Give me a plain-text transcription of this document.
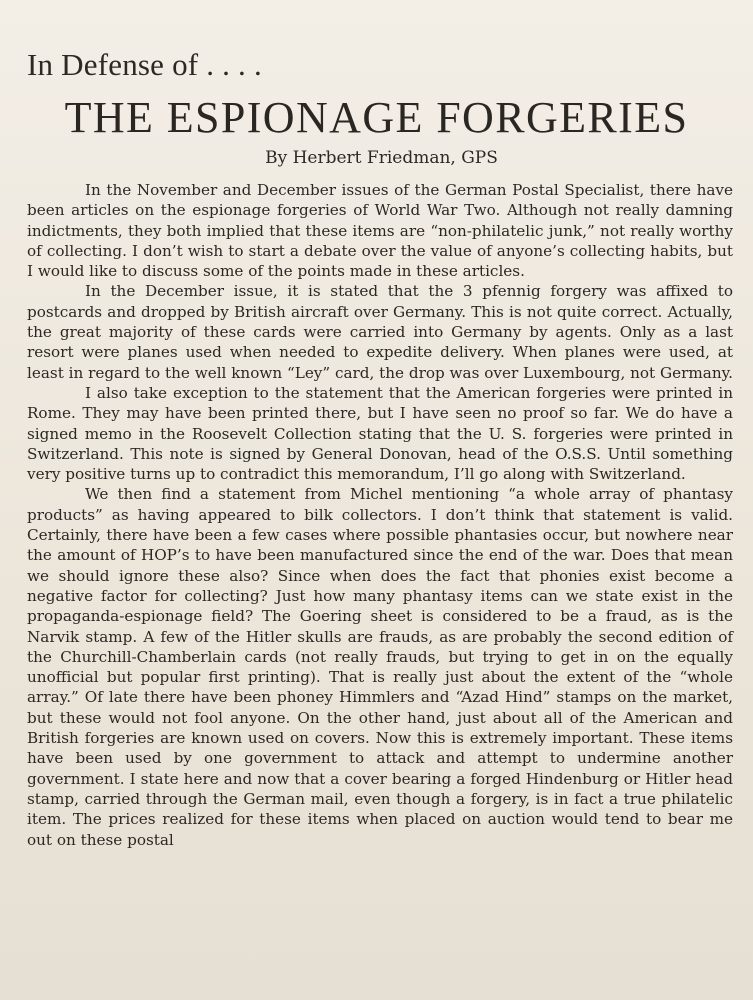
In Defense of . . . .
THE ESPIONAGE FORGERIES
By Herbert Friedman, GPS

In the November and December issues of the German Postal Specialist, there have been articles on the espionage forgeries of World War Two. Although not really damning indictments, they both implied that these items are “non-philatelic junk,” not really worthy of collecting. I don’t wish to start a debate over the value of anyone’s collecting habits, but I would like to discuss some of the points made in these articles.

In the December issue, it is stated that the 3 pfennig forgery was affixed to postcards and dropped by British aircraft over Germany. This is not quite correct. Actually, the great majority of these cards were carried into Germany by agents. Only as a last resort were planes used when needed to expedite delivery. When planes were used, at least in regard to the well known “Ley” card, the drop was over Luxembourg, not Germany.

I also take exception to the statement that the American forgeries were printed in Rome. They may have been printed there, but I have seen no proof so far. We do have a signed memo in the Roosevelt Collection stating that the U. S. forgeries were printed in Switzerland. This note is signed by General Donovan, head of the O.S.S. Until something very positive turns up to contradict this memorandum, I’ll go along with Switzerland.

We then find a statement from Michel mentioning “a whole array of phantasy products” as having appeared to bilk collectors. I don’t think that statement is valid. Certainly, there have been a few cases where possible phantasies occur, but nowhere near the amount of HOP’s to have been manufactured since the end of the war. Does that mean we should ignore these also? Since when does the fact that phonies exist become a negative factor for collecting? Just how many phantasy items can we state exist in the propaganda-espionage field? The Goering sheet is considered to be a fraud, as is the Narvik stamp. A few of the Hitler skulls are frauds, as are probably the second edition of the Churchill-Chamberlain cards (not really frauds, but trying to get in on the equally unofficial but popular first printing). That is really just about the extent of the “whole array.” Of late there have been phoney Himmlers and “Azad Hind” stamps on the market, but these would not fool anyone. On the other hand, just about all of the American and British forgeries are known used on covers. Now this is extremely important. These items have been used by one government to attack and attempt to undermine another government. I state here and now that a cover bearing a forged Hindenburg or Hitler head stamp, carried through the German mail, even though a forgery, is in fact a true philatelic item. The prices realized for these items when placed on auction would tend to bear me out on these postal
